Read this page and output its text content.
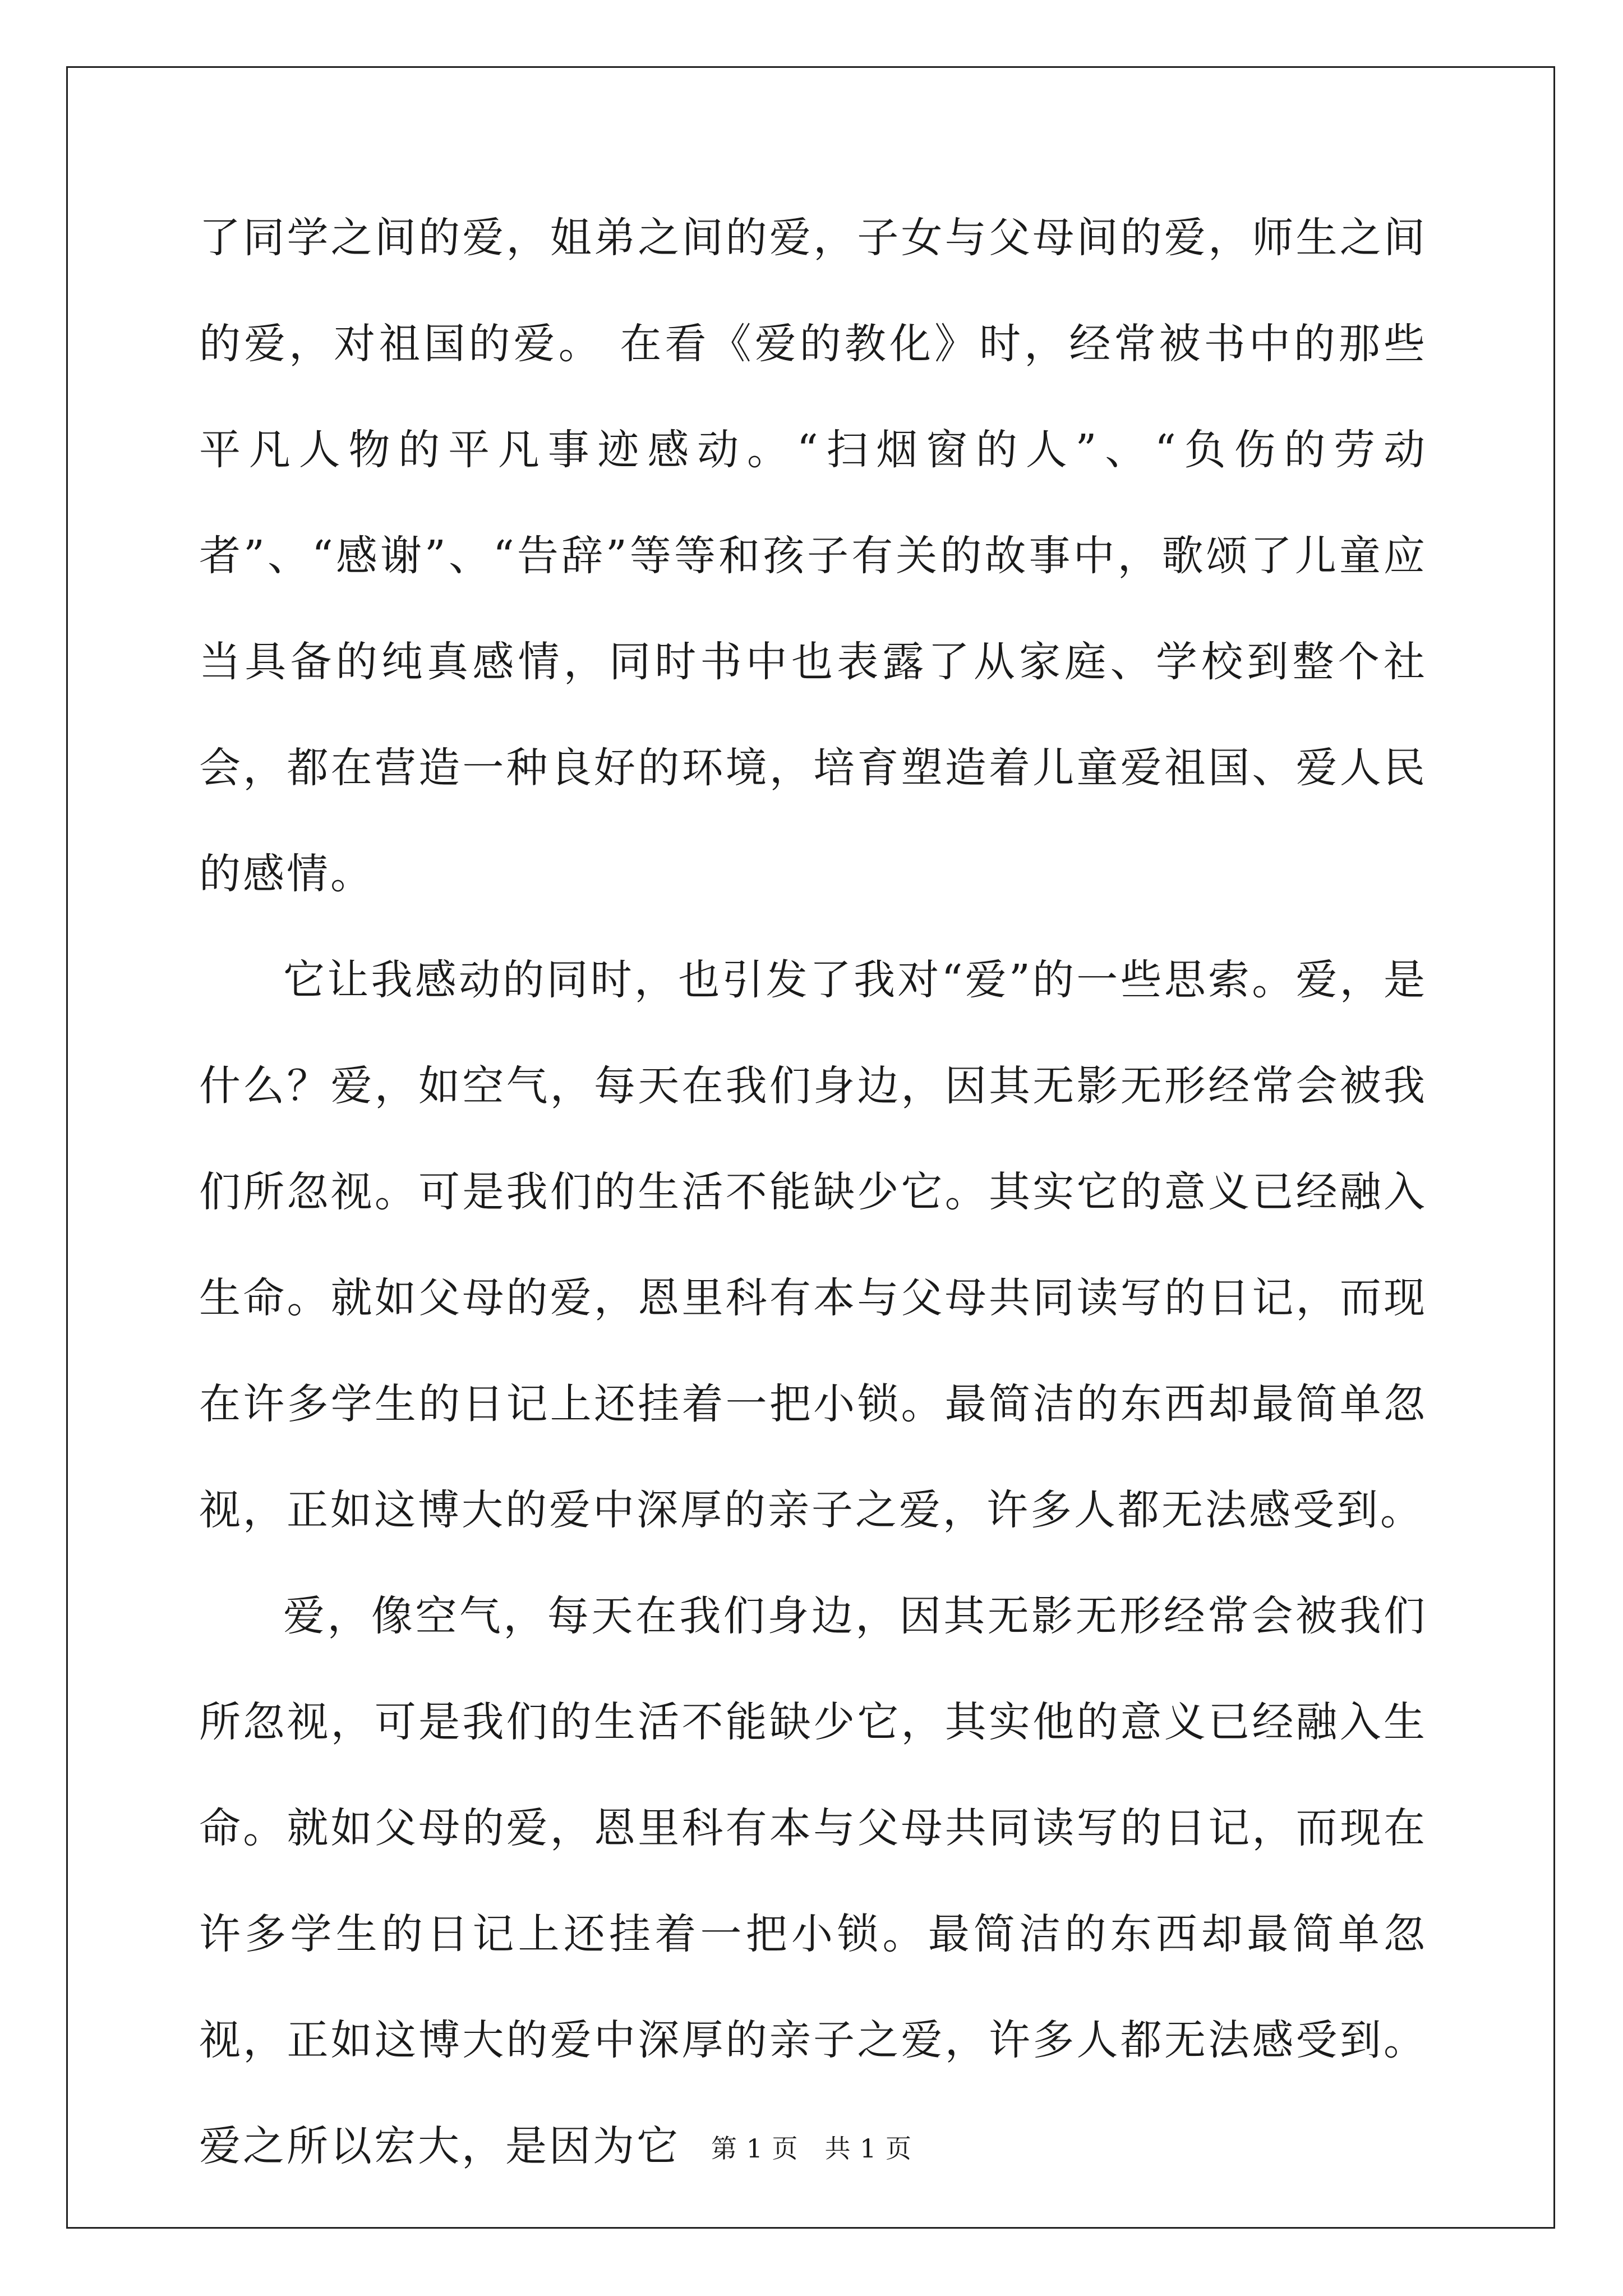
了同学之间的爱，姐弟之间的爱，子女与父母间的爱，师生之间的爱，对祖国的爱。 在看《爱的教化》时，经常被书中的那些平凡人物的平凡事迹感动。“扫烟窗的人”、“负伤的劳动者”、“感谢”、“告辞”等等和孩子有关的故事中，歌颂了儿童应当具备的纯真感情，同时书中也表露了从家庭、学校到整个社会，都在营造一种良好的环境，培育塑造着儿童爱祖国、爱人民的感情。

它让我感动的同时，也引发了我对“爱”的一些思索。爱，是什么？爱，如空气，每天在我们身边，因其无影无形经常会被我们所忽视。可是我们的生活不能缺少它。其实它的意义已经融入生命。就如父母的爱，恩里科有本与父母共同读写的日记，而现在许多学生的日记上还挂着一把小锁。最简洁的东西却最简单忽视，正如这博大的爱中深厚的亲子之爱，许多人都无法感受到。

爱，像空气，每天在我们身边，因其无影无形经常会被我们所忽视，可是我们的生活不能缺少它，其实他的意义已经融入生命。就如父母的爱，恩里科有本与父母共同读写的日记，而现在许多学生的日记上还挂着一把小锁。最简洁的东西却最简单忽视，正如这博大的爱中深厚的亲子之爱，许多人都无法感受到。爱之所以宏大，是因为它	第 1 页　共 1 页
